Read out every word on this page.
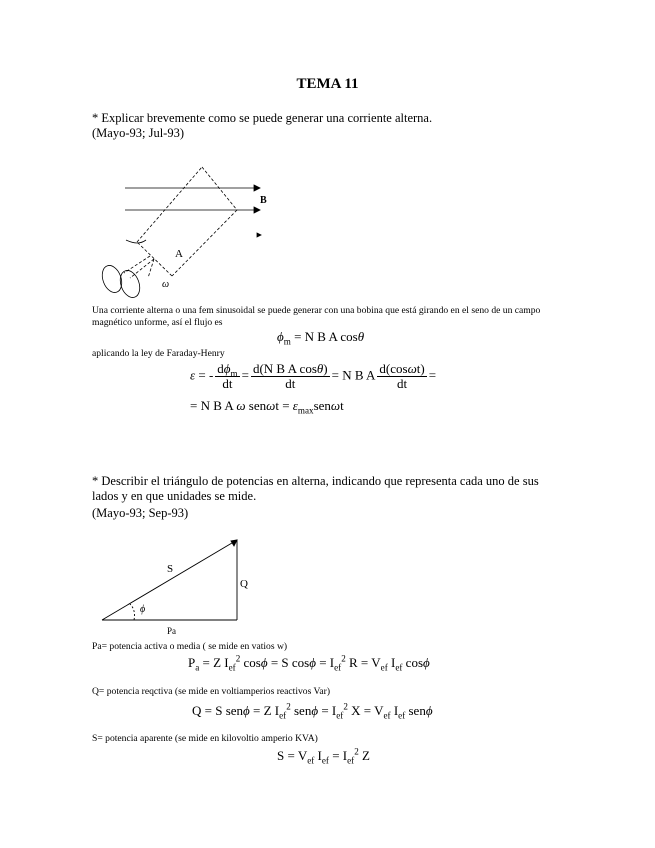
TEMA 11
* Explicar brevemente como se puede generar una corriente alterna.
(Mayo-93; Jul-93)
B
A
ω
Una corriente alterna o una fem sinusoidal se puede generar con una bobina que está girando en el seno de un campo magnético unforme, así el flujo es
$\phi_m = N$ B A cosθ
aplicando la ley de Faraday-Henry
ε = - $\frac{d\phi_m}{dt} = \frac{\text{d(N B A cosθ)}}{dt} = N$ B A $\frac{d(\cos\omega t)}{dt}$ =
= N B A ω $sen\omega t = \varepsilon_{max}sen\omega t$
* Describir el triángulo de potencias en alterna, indicando que representa cada uno de sus lados y en que unidades se mide.
(Mayo-93; Sep-93)
S
Q
ϕ
Pa
Pa= potencia activa o media ( se mide en vatios w)
$P_a = Z$ $I_{ef}^2$ cosϕ = S $\cos\phi = I_{ef}^2$ $R = V_{ef}$ $I_{ef}$ cosϕ
Q= potencia reqctiva (se mide en voltiamperios reactivos Var)
Q = S senϕ = Z $I_{ef}^2$ $sen\phi = I_{ef}^2$ $X = V_{ef}$ $I_{ef}$ senϕ
S= potencia aparente (se mide en kilovoltio amperio KVA)
$S = V_{ef}$ $I_{ef} = I_{ef}^2$ Z
